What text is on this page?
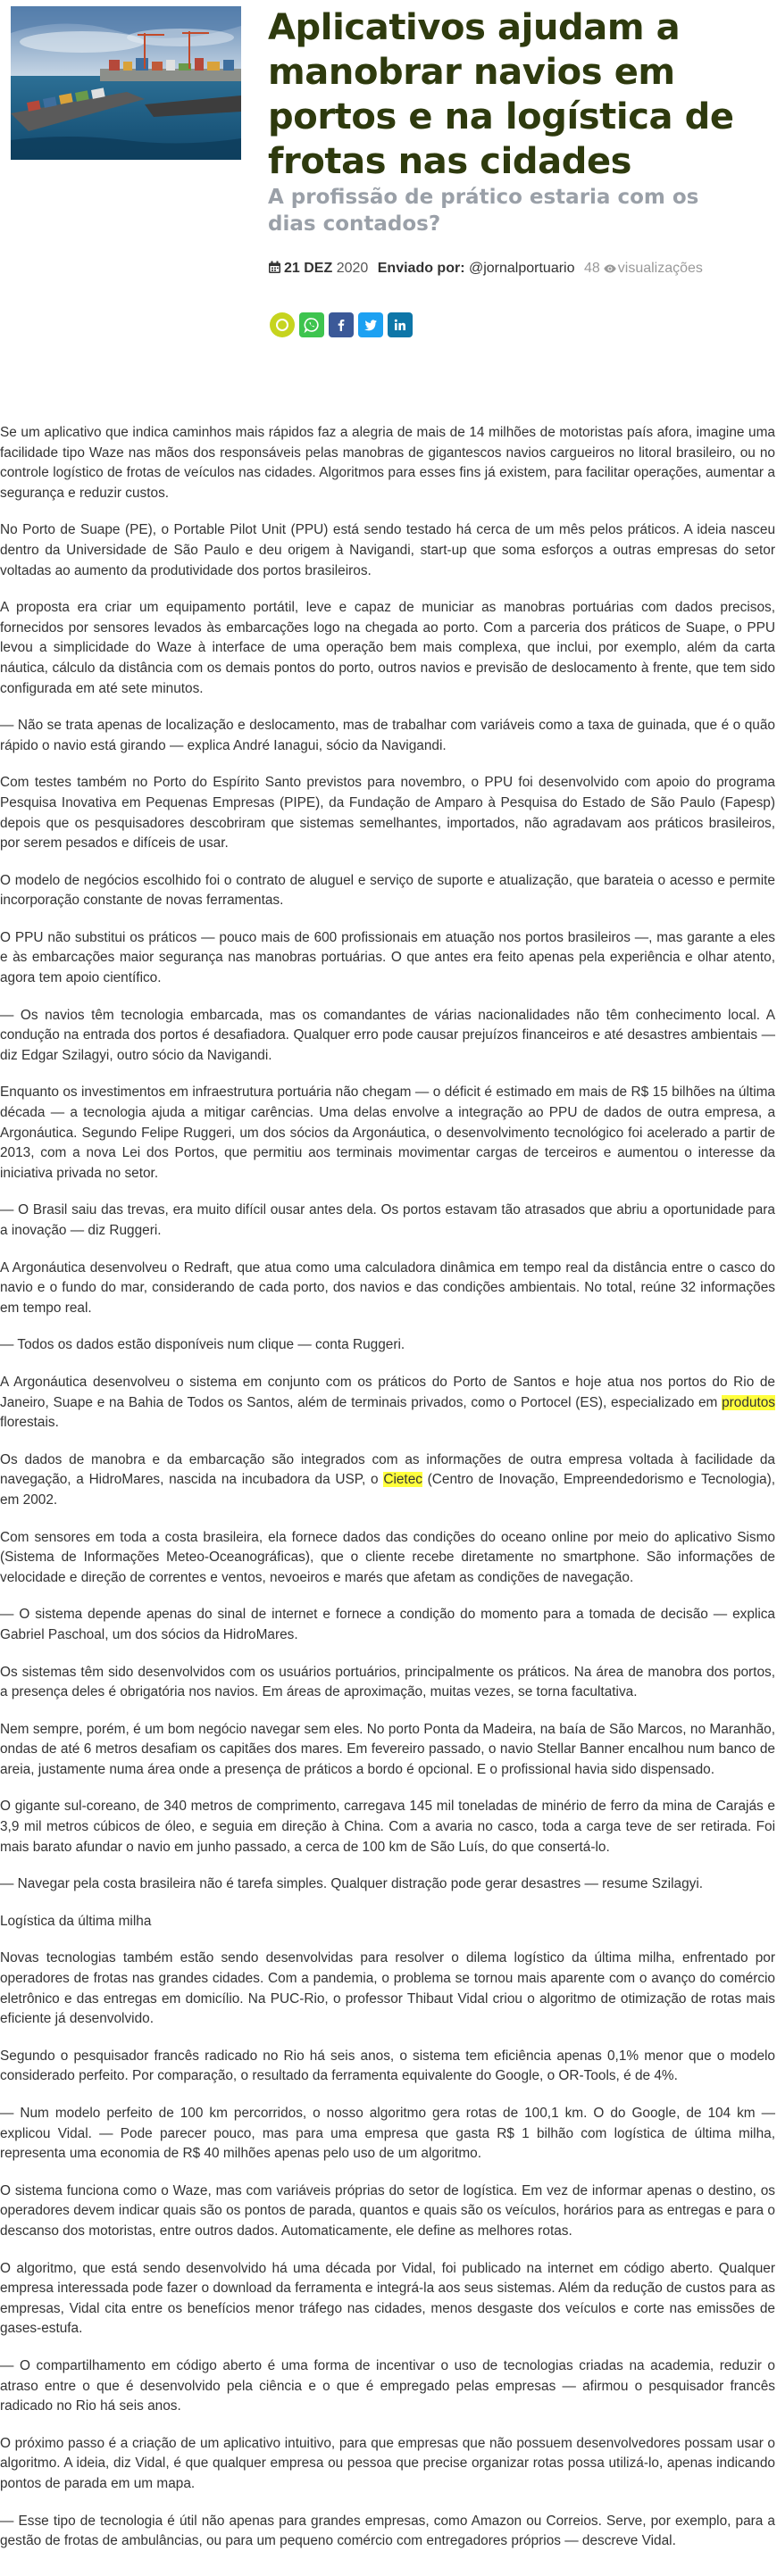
Aplicativos ajudam a manobrar navios em portos e na logística de frotas nas cidades
A profissão de prático estaria com os dias contados?
21 DEZ 2020 Enviado por: @jornalportuario 48 visualizações

Se um aplicativo que indica caminhos mais rápidos faz a alegria de mais de 14 milhões de motoristas país afora, imagine uma facilidade tipo Waze nas mãos dos responsáveis pelas manobras de gigantescos navios cargueiros no litoral brasileiro, ou no controle logístico de frotas de veículos nas cidades. Algoritmos para esses fins já existem, para facilitar operações, aumentar a segurança e reduzir custos.

No Porto de Suape (PE), o Portable Pilot Unit (PPU) está sendo testado há cerca de um mês pelos práticos. A ideia nasceu dentro da Universidade de São Paulo e deu origem à Navigandi, start-up que soma esforços a outras empresas do setor voltadas ao aumento da produtividade dos portos brasileiros.

A proposta era criar um equipamento portátil, leve e capaz de municiar as manobras portuárias com dados precisos, fornecidos por sensores levados às embarcações logo na chegada ao porto. Com a parceria dos práticos de Suape, o PPU levou a simplicidade do Waze à interface de uma operação bem mais complexa, que inclui, por exemplo, além da carta náutica, cálculo da distância com os demais pontos do porto, outros navios e previsão de deslocamento à frente, que tem sido configurada em até sete minutos.

— Não se trata apenas de localização e deslocamento, mas de trabalhar com variáveis como a taxa de guinada, que é o quão rápido o navio está girando — explica André Ianagui, sócio da Navigandi.

Com testes também no Porto do Espírito Santo previstos para novembro, o PPU foi desenvolvido com apoio do programa Pesquisa Inovativa em Pequenas Empresas (PIPE), da Fundação de Amparo à Pesquisa do Estado de São Paulo (Fapesp) depois que os pesquisadores descobriram que sistemas semelhantes, importados, não agradavam aos práticos brasileiros, por serem pesados e difíceis de usar.

O modelo de negócios escolhido foi o contrato de aluguel e serviço de suporte e atualização, que barateia o acesso e permite incorporação constante de novas ferramentas.

O PPU não substitui os práticos — pouco mais de 600 profissionais em atuação nos portos brasileiros —, mas garante a eles e às embarcações maior segurança nas manobras portuárias. O que antes era feito apenas pela experiência e olhar atento, agora tem apoio científico.

— Os navios têm tecnologia embarcada, mas os comandantes de várias nacionalidades não têm conhecimento local. A condução na entrada dos portos é desafiadora. Qualquer erro pode causar prejuízos financeiros e até desastres ambientais — diz Edgar Szilagyi, outro sócio da Navigandi.

Enquanto os investimentos em infraestrutura portuária não chegam — o déficit é estimado em mais de R$ 15 bilhões na última década — a tecnologia ajuda a mitigar carências. Uma delas envolve a integração ao PPU de dados de outra empresa, a Argonáutica. Segundo Felipe Ruggeri, um dos sócios da Argonáutica, o desenvolvimento tecnológico foi acelerado a partir de 2013, com a nova Lei dos Portos, que permitiu aos terminais movimentar cargas de terceiros e aumentou o interesse da iniciativa privada no setor.

— O Brasil saiu das trevas, era muito difícil ousar antes dela. Os portos estavam tão atrasados que abriu a oportunidade para a inovação — diz Ruggeri.

A Argonáutica desenvolveu o Redraft, que atua como uma calculadora dinâmica em tempo real da distância entre o casco do navio e o fundo do mar, considerando de cada porto, dos navios e das condições ambientais. No total, reúne 32 informações em tempo real.

— Todos os dados estão disponíveis num clique — conta Ruggeri.

A Argonáutica desenvolveu o sistema em conjunto com os práticos do Porto de Santos e hoje atua nos portos do Rio de Janeiro, Suape e na Bahia de Todos os Santos, além de terminais privados, como o Portocel (ES), especializado em produtos florestais.

Os dados de manobra e da embarcação são integrados com as informações de outra empresa voltada à facilidade da navegação, a HidroMares, nascida na incubadora da USP, o Cietec (Centro de Inovação, Empreendedorismo e Tecnologia), em 2002.

Com sensores em toda a costa brasileira, ela fornece dados das condições do oceano online por meio do aplicativo Sismo (Sistema de Informações Meteo-Oceanográficas), que o cliente recebe diretamente no smartphone. São informações de velocidade e direção de correntes e ventos, nevoeiros e marés que afetam as condições de navegação.

— O sistema depende apenas do sinal de internet e fornece a condição do momento para a tomada de decisão — explica Gabriel Paschoal, um dos sócios da HidroMares.

Os sistemas têm sido desenvolvidos com os usuários portuários, principalmente os práticos. Na área de manobra dos portos, a presença deles é obrigatória nos navios. Em áreas de aproximação, muitas vezes, se torna facultativa.

Nem sempre, porém, é um bom negócio navegar sem eles. No porto Ponta da Madeira, na baía de São Marcos, no Maranhão, ondas de até 6 metros desafiam os capitães dos mares. Em fevereiro passado, o navio Stellar Banner encalhou num banco de areia, justamente numa área onde a presença de práticos a bordo é opcional. E o profissional havia sido dispensado.

O gigante sul-coreano, de 340 metros de comprimento, carregava 145 mil toneladas de minério de ferro da mina de Carajás e 3,9 mil metros cúbicos de óleo, e seguia em direção à China. Com a avaria no casco, toda a carga teve de ser retirada. Foi mais barato afundar o navio em junho passado, a cerca de 100 km de São Luís, do que consertá-lo.

— Navegar pela costa brasileira não é tarefa simples. Qualquer distração pode gerar desastres — resume Szilagyi.

Logística da última milha

Novas tecnologias também estão sendo desenvolvidas para resolver o dilema logístico da última milha, enfrentado por operadores de frotas nas grandes cidades. Com a pandemia, o problema se tornou mais aparente com o avanço do comércio eletrônico e das entregas em domicílio. Na PUC-Rio, o professor Thibaut Vidal criou o algoritmo de otimização de rotas mais eficiente já desenvolvido.

Segundo o pesquisador francês radicado no Rio há seis anos, o sistema tem eficiência apenas 0,1% menor que o modelo considerado perfeito. Por comparação, o resultado da ferramenta equivalente do Google, o OR-Tools, é de 4%.

— Num modelo perfeito de 100 km percorridos, o nosso algoritmo gera rotas de 100,1 km. O do Google, de 104 km — explicou Vidal. — Pode parecer pouco, mas para uma empresa que gasta R$ 1 bilhão com logística de última milha, representa uma economia de R$ 40 milhões apenas pelo uso de um algoritmo.

O sistema funciona como o Waze, mas com variáveis próprias do setor de logística. Em vez de informar apenas o destino, os operadores devem indicar quais são os pontos de parada, quantos e quais são os veículos, horários para as entregas e para o descanso dos motoristas, entre outros dados. Automaticamente, ele define as melhores rotas.

O algoritmo, que está sendo desenvolvido há uma década por Vidal, foi publicado na internet em código aberto. Qualquer empresa interessada pode fazer o download da ferramenta e integrá-la aos seus sistemas. Além da redução de custos para as empresas, Vidal cita entre os benefícios menor tráfego nas cidades, menos desgaste dos veículos e corte nas emissões de gases-estufa.

— O compartilhamento em código aberto é uma forma de incentivar o uso de tecnologias criadas na academia, reduzir o atraso entre o que é desenvolvido pela ciência e o que é empregado pelas empresas — afirmou o pesquisador francês radicado no Rio há seis anos.

O próximo passo é a criação de um aplicativo intuitivo, para que empresas que não possuem desenvolvedores possam usar o algoritmo. A ideia, diz Vidal, é que qualquer empresa ou pessoa que precise organizar rotas possa utilizá-lo, apenas indicando pontos de parada em um mapa.

— Esse tipo de tecnologia é útil não apenas para grandes empresas, como Amazon ou Correios. Serve, por exemplo, para a gestão de frotas de ambulâncias, ou para um pequeno comércio com entregadores próprios — descreve Vidal.
